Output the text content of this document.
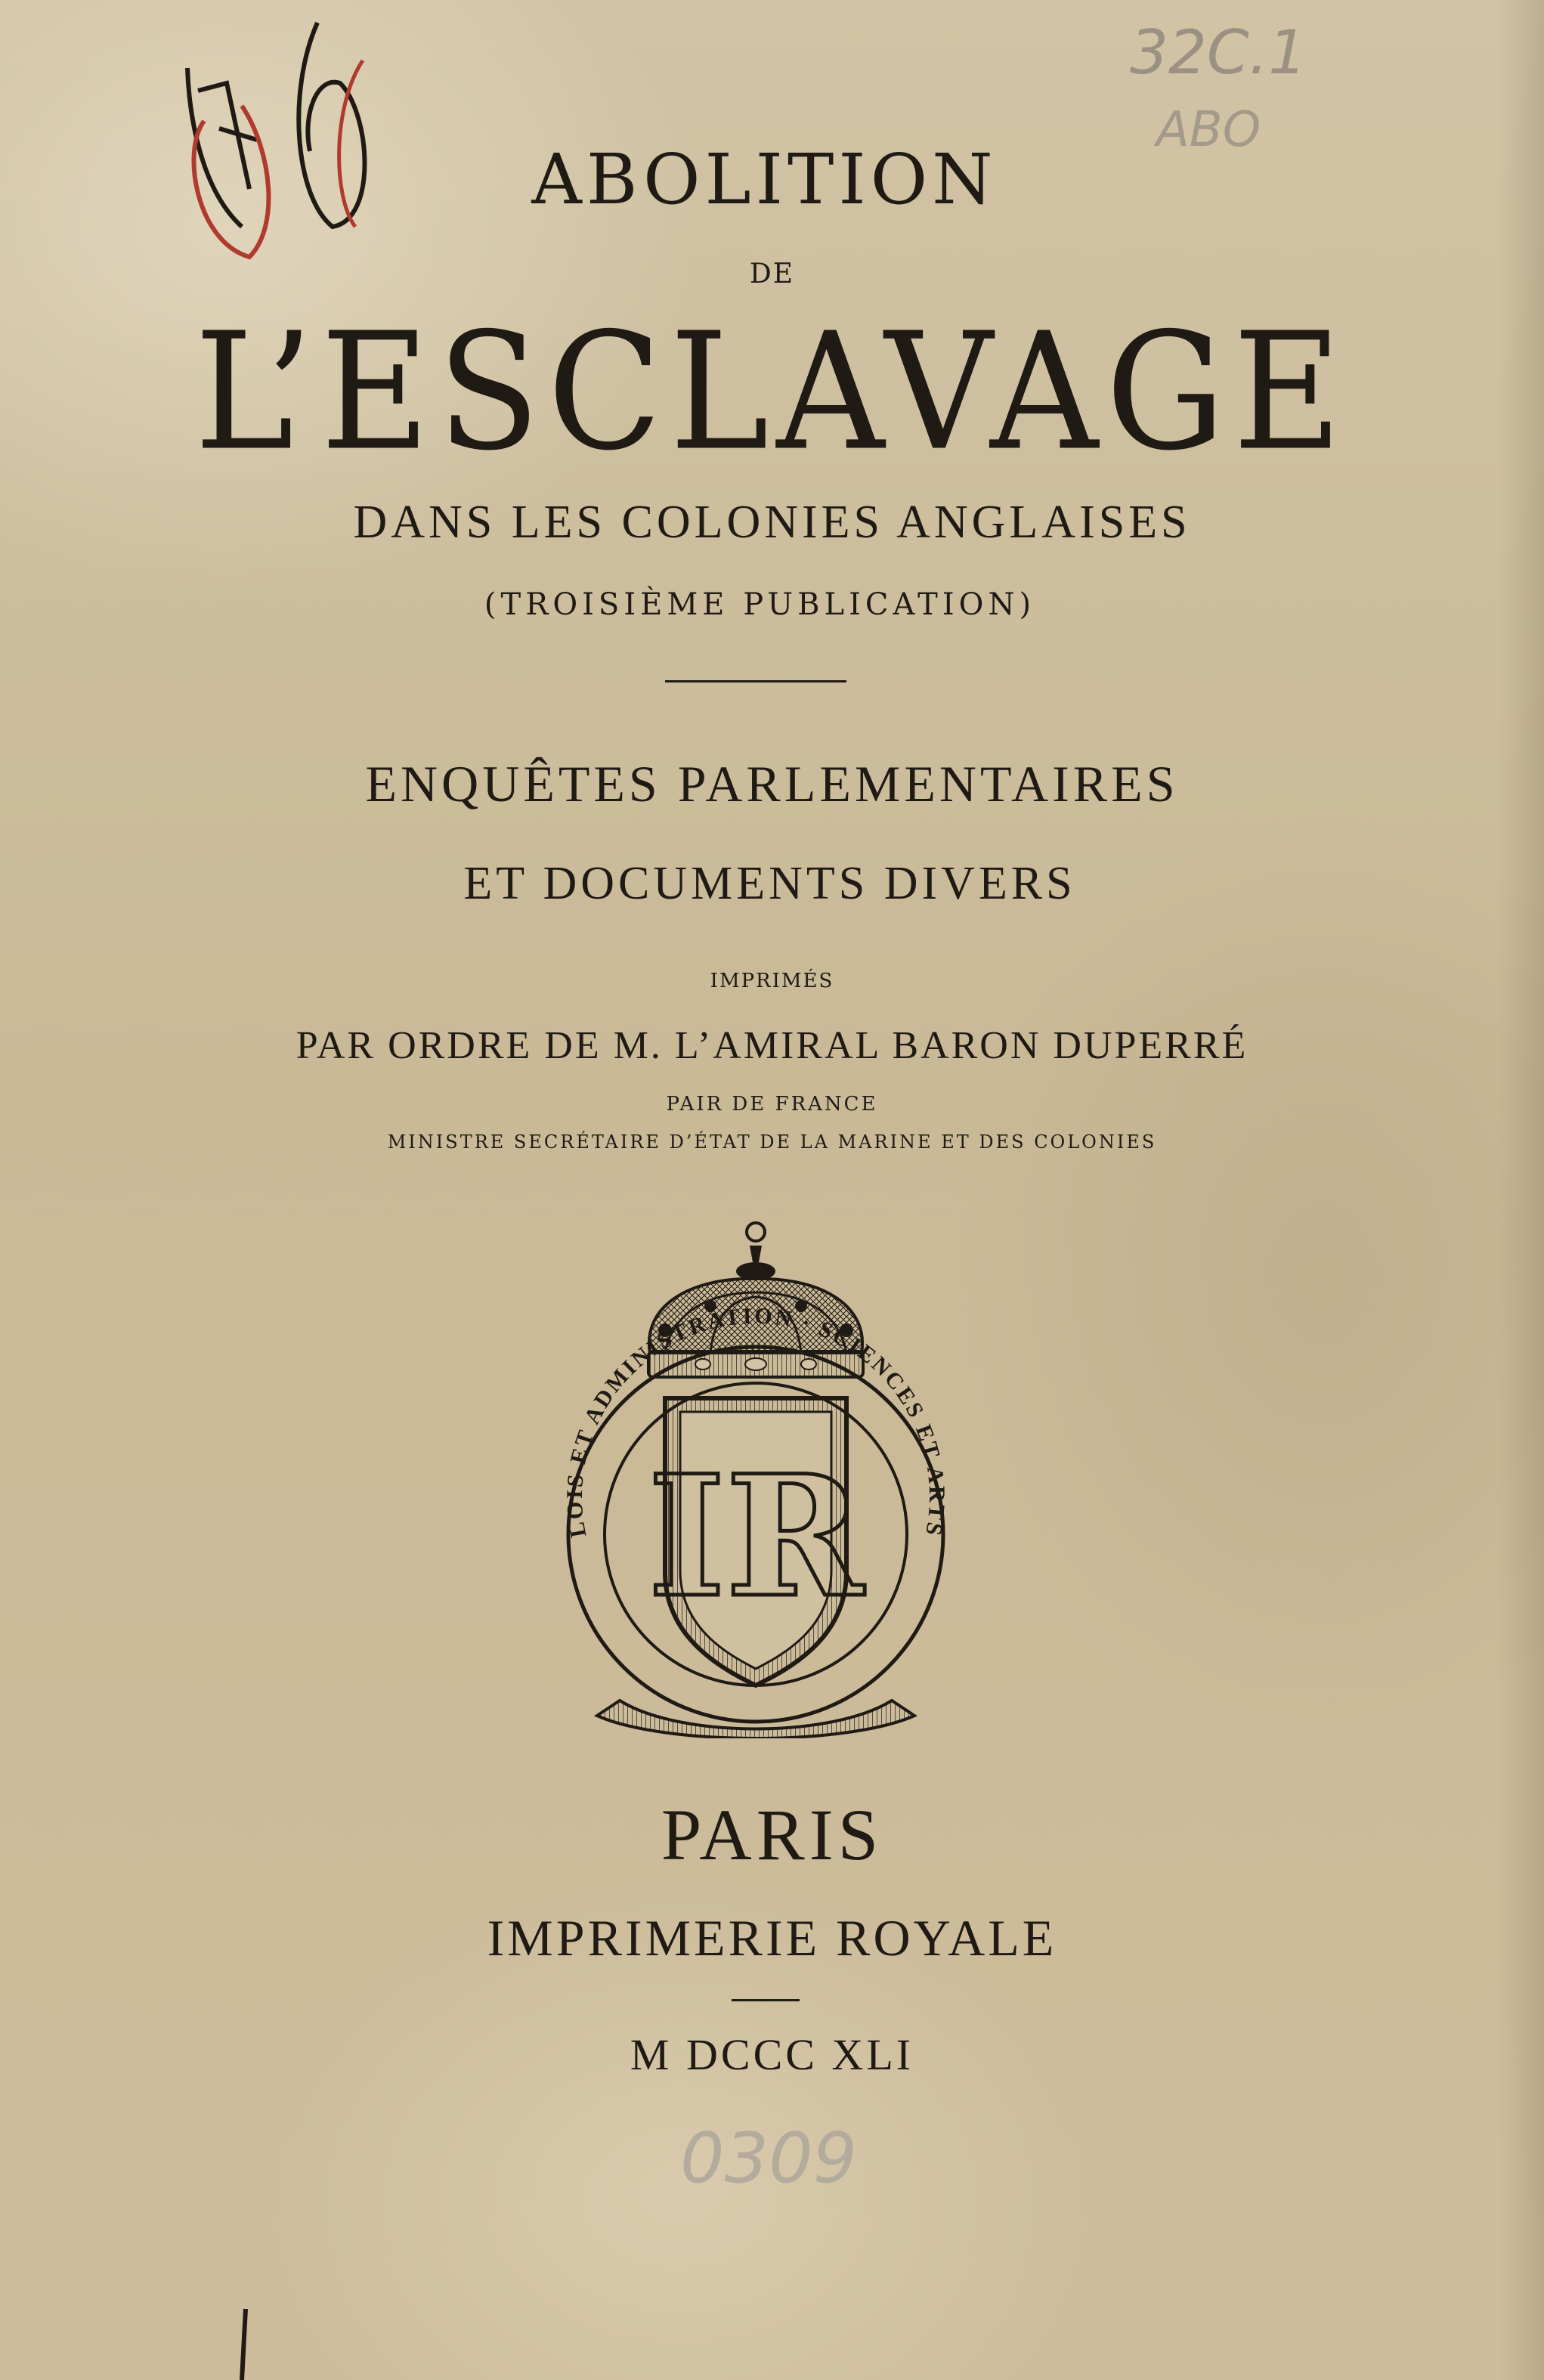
ABOLITION
DE
L’ESCLAVAGE
DANS LES COLONIES ANGLAISES
(TROISIÈME PUBLICATION)
ENQUÊTES PARLEMENTAIRES
ET DOCUMENTS DIVERS
IMPRIMÉS
PAR ORDRE DE M. L’AMIRAL BARON DUPERRÉ
PAIR DE FRANCE
MINISTRE SECRÉTAIRE D’ÉTAT DE LA MARINE ET DES COLONIES
LOIS ET ADMINISTRATION · SCIENCES ET ARTS
IR
PARIS
IMPRIMERIE ROYALE
M DCCC XLI
32C.1
ABO
0309
